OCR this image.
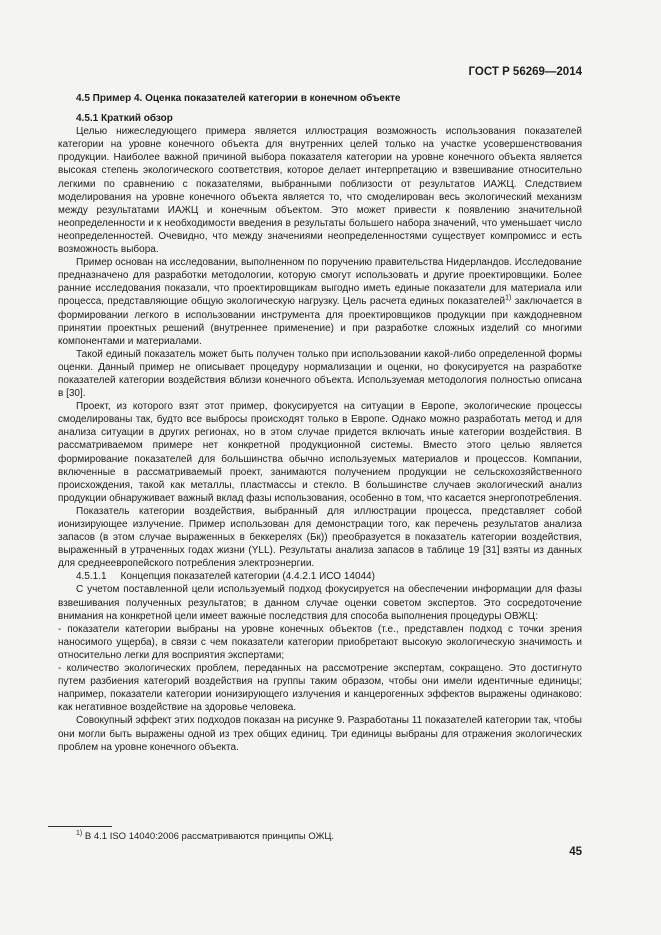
ГОСТ Р 56269—2014

4.5 Пример 4. Оценка показателей категории в конечном объекте

4.5.1 Краткий обзор

Целью нижеследующего примера является иллюстрация возможность использования показателей категории на уровне конечного объекта для внутренних целей только на участке усовершенствования продукции. Наиболее важной причиной выбора показателя категории на уровне конечного объекта является высокая степень экологического соответствия, которое делает интерпретацию и взвешивание относительно легкими по сравнению с показателями, выбранными поблизости от результатов ИАЖЦ. Следствием моделирования на уровне конечного объекта является то, что смоделирован весь экологический механизм между результатами ИАЖЦ и конечным объектом. Это может привести к появлению значительной неопределенности и к необходимости введения в результаты большего набора значений, что уменьшает число неопределенностей. Очевидно, что между значениями неопределенностями существует компромисс и есть возможность выбора.

Пример основан на исследовании, выполненном по поручению правительства Нидерландов. Исследование предназначено для разработки методологии, которую смогут использовать и другие проектировщики. Более ранние исследования показали, что проектировщикам выгодно иметь единые показатели для материала или процесса, представляющие общую экологическую нагрузку. Цель расчета единых показателей$^{1)}$ заключается в формировании легкого в использовании инструмента для проектировщиков продукции при каждодневном принятии проектных решений (внутреннее применение) и при разработке сложных изделий со многими компонентами и материалами.

Такой единый показатель может быть получен только при использовании какой-либо определенной формы оценки. Данный пример не описывает процедуру нормализации и оценки, но фокусируется на разработке показателей категории воздействия вблизи конечного объекта. Используемая методология полностью описана в [30].

Проект, из которого взят этот пример, фокусируется на ситуации в Европе, экологические процессы смоделированы так, будто все выбросы происходят только в Европе. Однако можно разработать метод и для анализа ситуации в других регионах, но в этом случае придется включать иные категории воздействия. В рассматриваемом примере нет конкретной продукционной системы. Вместо этого целью является формирование показателей для большинства обычно используемых материалов и процессов. Компании, включенные в рассматриваемый проект, занимаются получением продукции не сельскохозяйственного происхождения, такой как металлы, пластмассы и стекло. В большинстве случаев экологический анализ продукции обнаруживает важный вклад фазы использования, особенно в том, что касается энергопотребления.

Показатель категории воздействия, выбранный для иллюстрации процесса, представляет собой ионизирующее излучение. Пример использован для демонстрации того, как перечень результатов анализа запасов (в этом случае выраженных в беккерелях (Бк)) преобразуется в показатель категории воздействия, выраженный в утраченных годах жизни (YLL). Результаты анализа запасов в таблице 19 [31] взяты из данных для среднеевропейского потребления электроэнергии.

4.5.1.1 Концепция показателей категории (4.4.2.1 ИСО 14044)

С учетом поставленной цели используемый подход фокусируется на обеспечении информации для фазы взвешивания полученных результатов; в данном случае оценки советом экспертов. Это сосредоточение внимания на конкретной цели имеет важные последствия для способа выполнения процедуры ОВЖЦ:

- показатели категории выбраны на уровне конечных объектов (т.е., представлен подход с точки зрения наносимого ущерба), в связи с чем показатели категории приобретают высокую экологическую значимость и относительно легки для восприятия экспертами;

- количество экологических проблем, переданных на рассмотрение экспертам, сокращено. Это достигнуто путем разбиения категорий воздействия на группы таким образом, чтобы они имели идентичные единицы; например, показатели категории ионизирующего излучения и канцерогенных эффектов выражены одинаково: как негативное воздействие на здоровье человека.

Совокупный эффект этих подходов показан на рисунке 9. Разработаны 11 показателей категории так, чтобы они могли быть выражены одной из трех общих единиц. Три единицы выбраны для отражения экологических проблем на уровне конечного объекта.

$^{1)}$ В 4.1 ISO 14040:2006 рассматриваются принципы ОЖЦ.
45
